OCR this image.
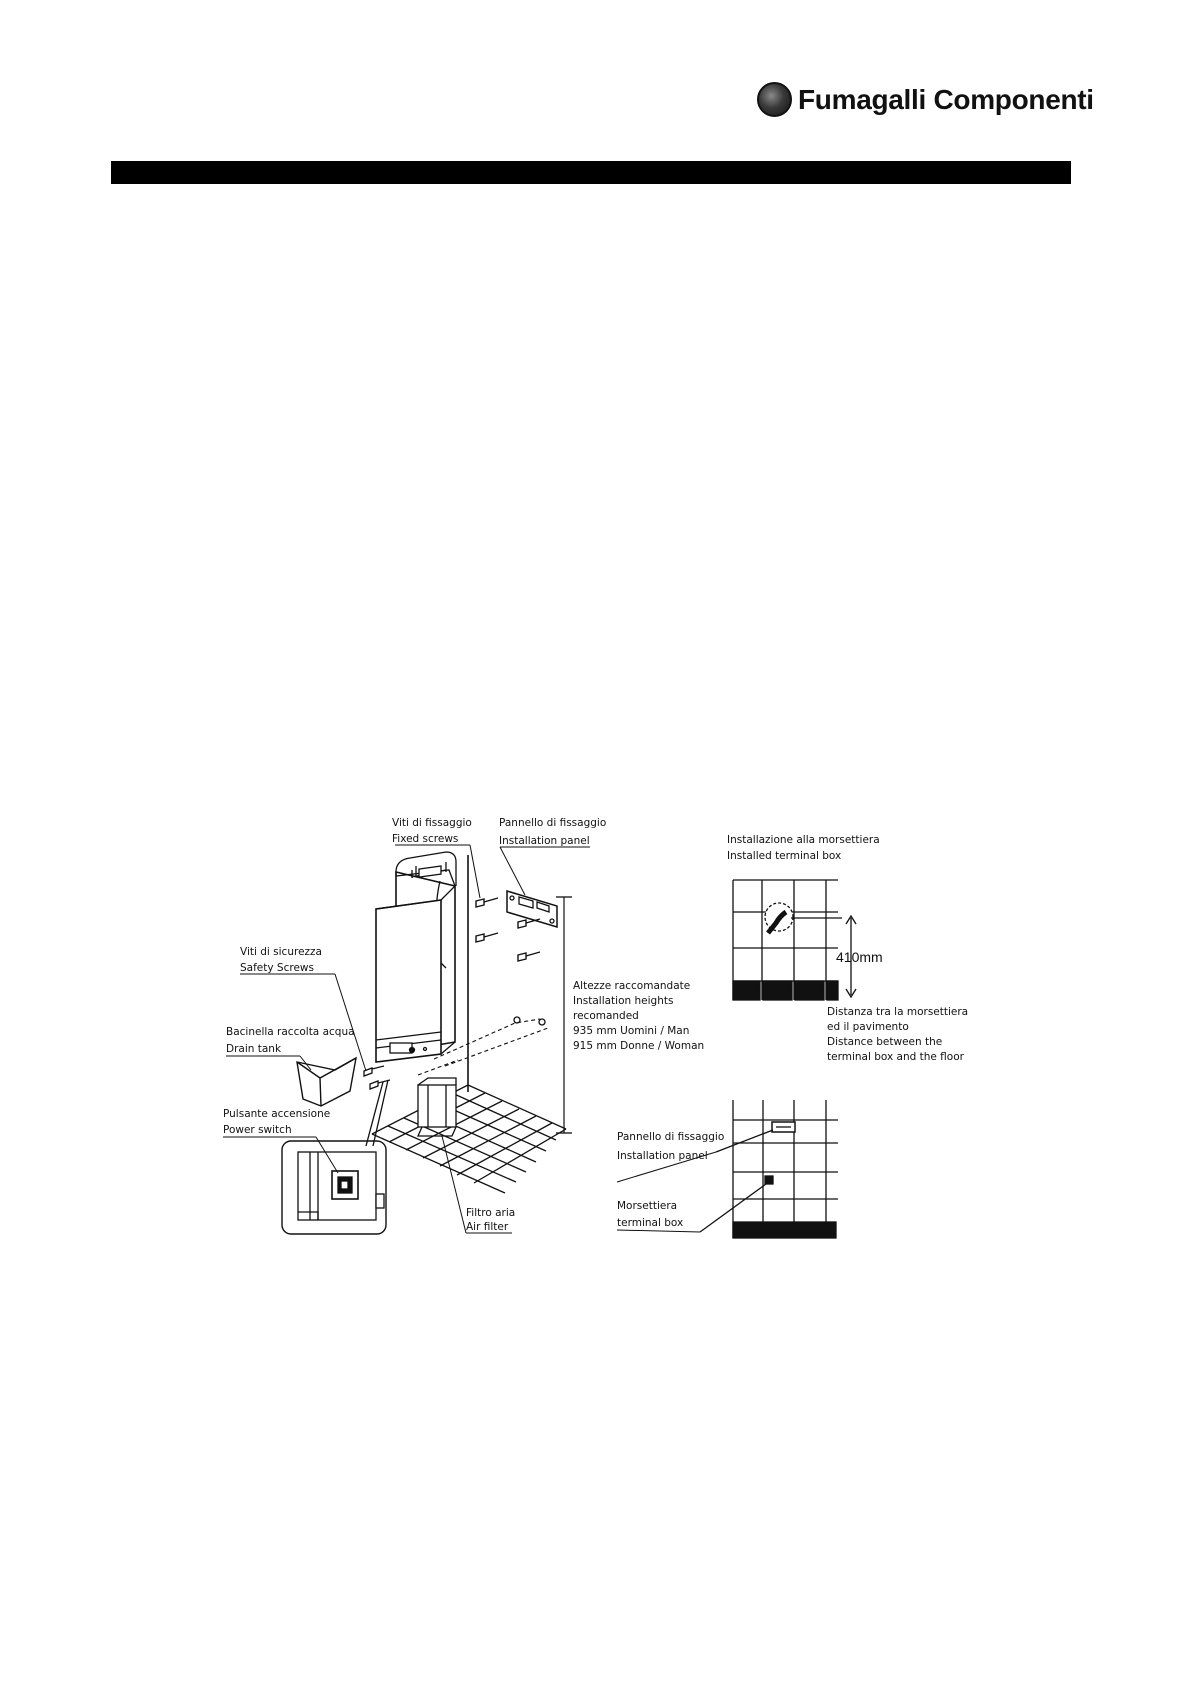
Fumagalli Componenti
Viti di fissaggio
Fixed screws
Pannello di fissaggio
Installation panel
Viti di sicurezza
Safety Screws
Bacinella raccolta acqua
Drain tank
Pulsante accensione
Power switch
Filtro aria
Air filter
Altezze raccomandate
Installation heights
recomanded
935 mm Uomini / Man
915 mm Donne / Woman
Installazione alla morsettiera
Installed terminal box
410mm
Distanza tra la morsettiera
ed il pavimento
Distance between the
terminal box and the floor
Pannello di fissaggio
Installation panel
Morsettiera
terminal box
